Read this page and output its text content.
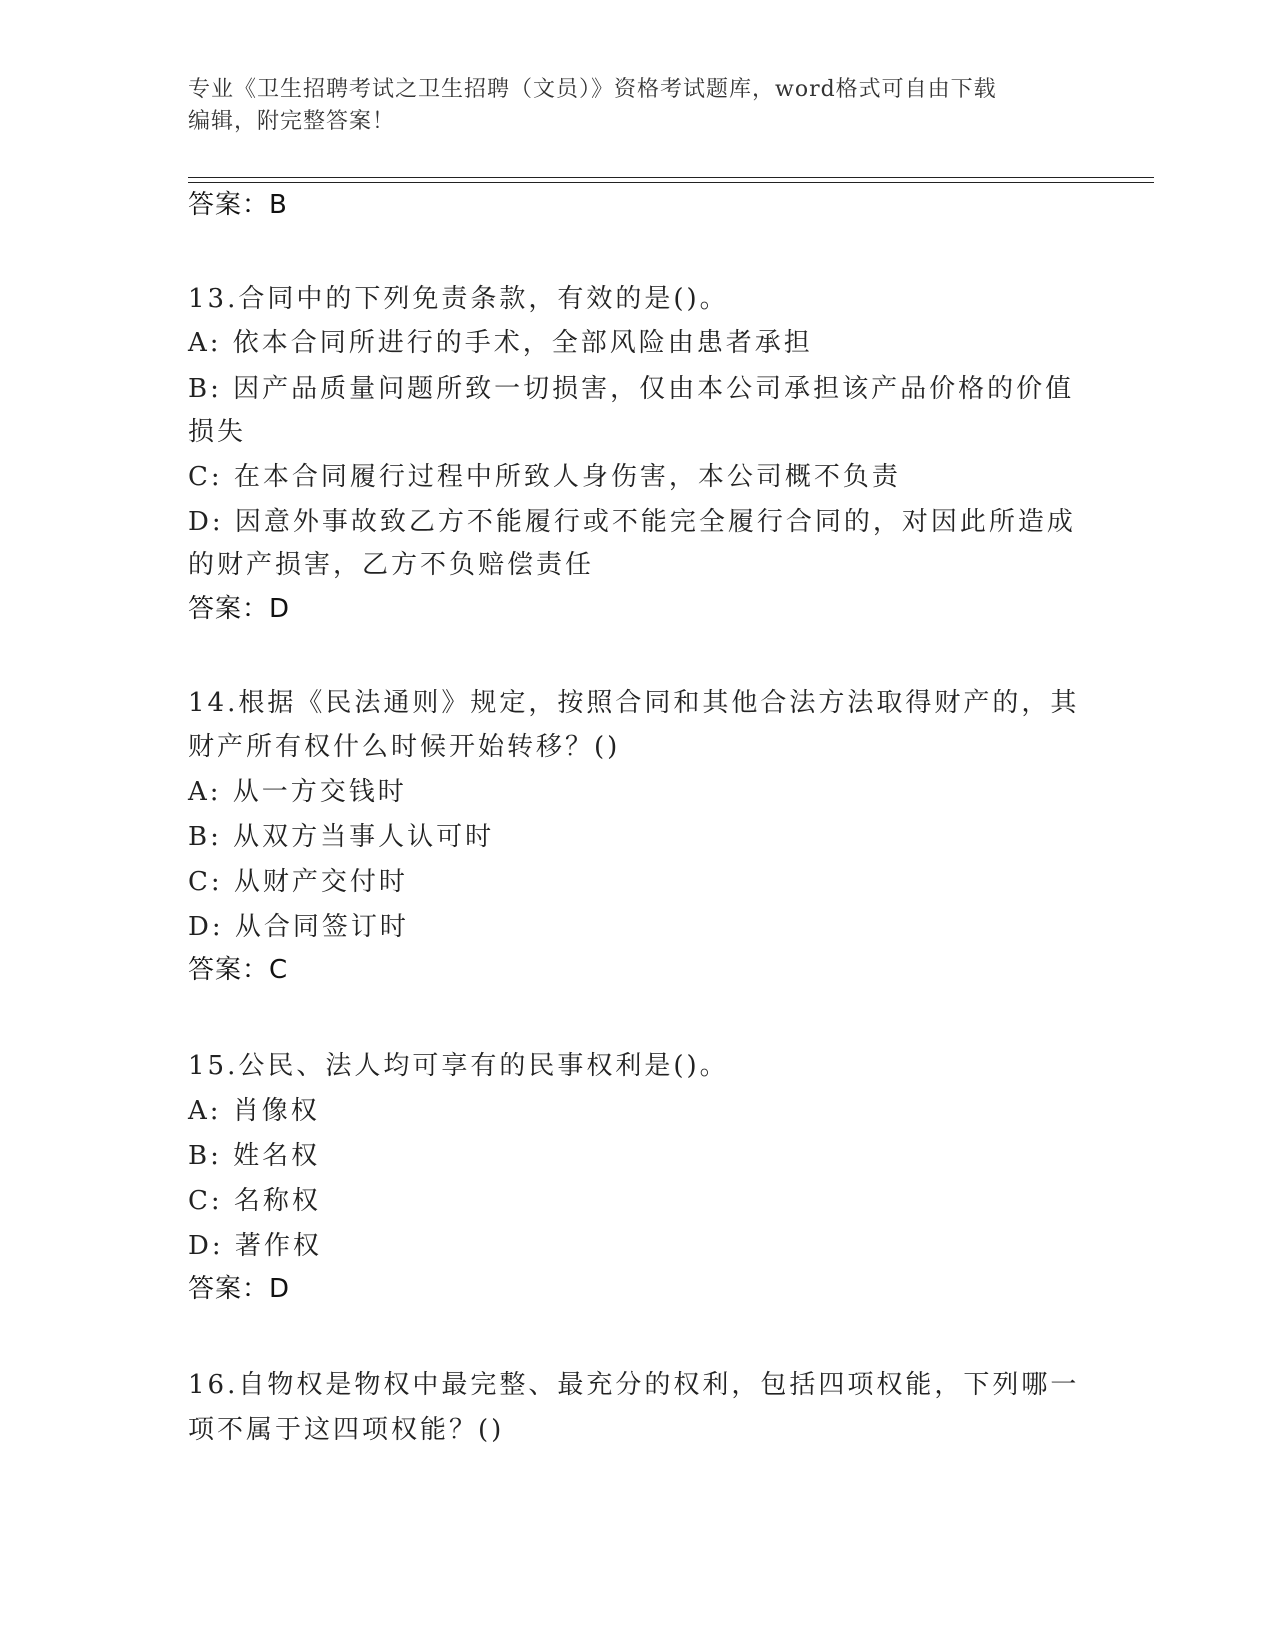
专业《卫生招聘考试之卫生招聘（文员）》资格考试题库，word格式可自由下载
编辑，附完整答案！
答案：B
13.合同中的下列免责条款，有效的是()。
A: 依本合同所进行的手术，全部风险由患者承担
B: 因产品质量问题所致一切损害，仅由本公司承担该产品价格的价值
损失
C: 在本合同履行过程中所致人身伤害，本公司概不负责
D: 因意外事故致乙方不能履行或不能完全履行合同的，对因此所造成
的财产损害，乙方不负赔偿责任
答案：D
14.根据《民法通则》规定，按照合同和其他合法方法取得财产的，其
财产所有权什么时候开始转移？()
A: 从一方交钱时
B: 从双方当事人认可时
C: 从财产交付时
D: 从合同签订时
答案：C
15.公民、法人均可享有的民事权利是()。
A: 肖像权
B: 姓名权
C: 名称权
D: 著作权
答案：D
16.自物权是物权中最完整、最充分的权利，包括四项权能，下列哪一
项不属于这四项权能？()
